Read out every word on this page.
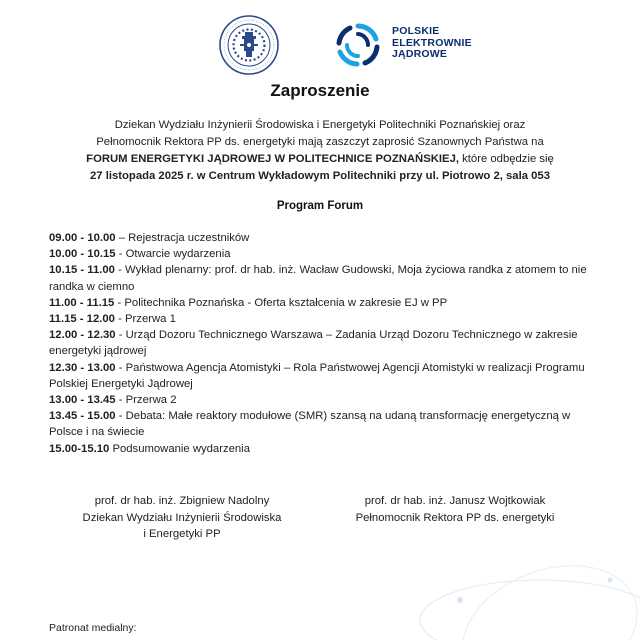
POLSKIE
ELEKTROWNIE
JĄDROWE
Zaproszenie
Dziekan Wydziału Inżynierii Środowiska i Energetyki Politechniki Poznańskiej oraz
Pełnomocnik Rektora PP ds. energetyki mają zaszczyt zaprosić Szanownych Państwa na
FORUM ENERGETYKI JĄDROWEJ W POLITECHNICE POZNAŃSKIEJ, które odbędzie się
27 listopada 2025 r. w Centrum Wykładowym Politechniki przy ul. Piotrowo 2, sala 053
Program Forum
09.00 - 10.00 – Rejestracja uczestników
10.00 - 10.15 - Otwarcie wydarzenia
10.15 - 11.00 - Wykład plenarny: prof. dr hab. inż. Wacław Gudowski, Moja życiowa randka z atomem to nie randka w ciemno
11.00 - 11.15 - Politechnika Poznańska - Oferta kształcenia w zakresie EJ w PP
11.15 - 12.00 - Przerwa 1
12.00 - 12.30 - Urząd Dozoru Technicznego Warszawa – Zadania Urząd Dozoru Technicznego w zakresie energetyki jądrowej
12.30 - 13.00 - Państwowa Agencja Atomistyki – Rola Państwowej Agencji Atomistyki w realizacji Programu Polskiej Energetyki Jądrowej
13.00 - 13.45 - Przerwa 2
13.45 - 15.00 - Debata: Małe reaktory modułowe (SMR) szansą na udaną transformację energetyczną w Polsce i na świecie
15.00-15.10 Podsumowanie wydarzenia
prof. dr hab. inż. Zbigniew Nadolny
Dziekan Wydziału Inżynierii Środowiska
i Energetyki PP
prof. dr hab. inż. Janusz Wojtkowiak
Pełnomocnik Rektora PP ds. energetyki
Patronat medialny:
